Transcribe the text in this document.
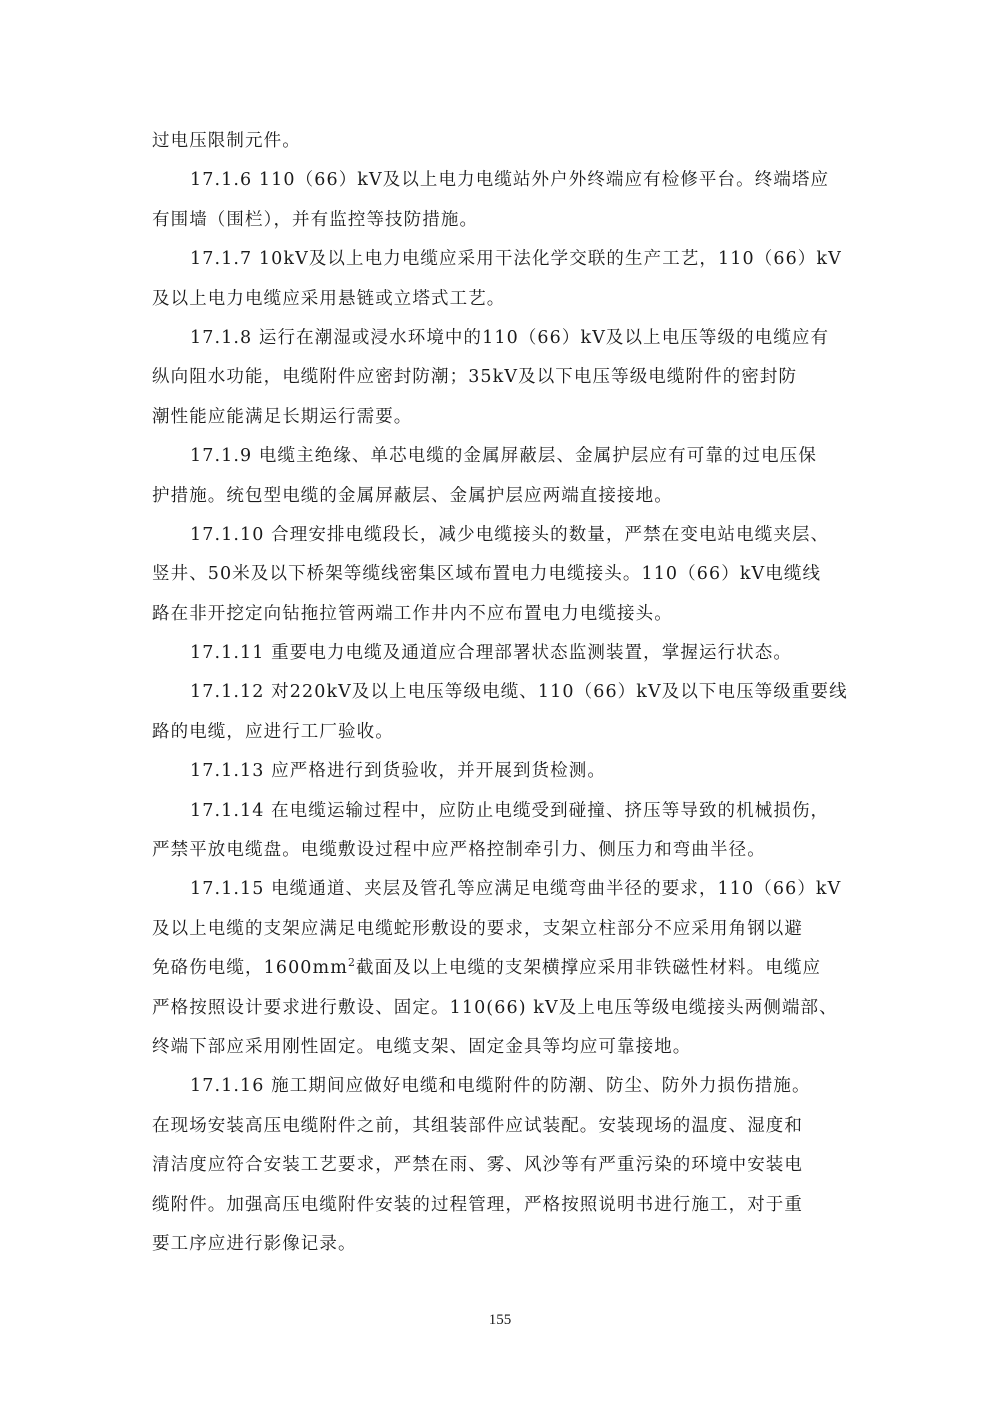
过电压限制元件。
17.1.6 110（66）kV及以上电力电缆站外户外终端应有检修平台。终端塔应
有围墙（围栏），并有监控等技防措施。
17.1.7 10kV及以上电力电缆应采用干法化学交联的生产工艺，110（66）kV
及以上电力电缆应采用悬链或立塔式工艺。
17.1.8 运行在潮湿或浸水环境中的110（66）kV及以上电压等级的电缆应有
纵向阻水功能，电缆附件应密封防潮；35kV及以下电压等级电缆附件的密封防
潮性能应能满足长期运行需要。
17.1.9 电缆主绝缘、单芯电缆的金属屏蔽层、金属护层应有可靠的过电压保
护措施。统包型电缆的金属屏蔽层、金属护层应两端直接接地。
17.1.10 合理安排电缆段长，减少电缆接头的数量，严禁在变电站电缆夹层、
竖井、50米及以下桥架等缆线密集区域布置电力电缆接头。110（66）kV电缆线
路在非开挖定向钻拖拉管两端工作井内不应布置电力电缆接头。
17.1.11 重要电力电缆及通道应合理部署状态监测装置，掌握运行状态。
17.1.12 对220kV及以上电压等级电缆、110（66）kV及以下电压等级重要线
路的电缆，应进行工厂验收。
17.1.13 应严格进行到货验收，并开展到货检测。
17.1.14 在电缆运输过程中，应防止电缆受到碰撞、挤压等导致的机械损伤，
严禁平放电缆盘。电缆敷设过程中应严格控制牵引力、侧压力和弯曲半径。
17.1.15 电缆通道、夹层及管孔等应满足电缆弯曲半径的要求，110（66）kV
及以上电缆的支架应满足电缆蛇形敷设的要求，支架立柱部分不应采用角钢以避
免硌伤电缆，$1600mm^2$截面及以上电缆的支架横撑应采用非铁磁性材料。电缆应
严格按照设计要求进行敷设、固定。110(66) kV及上电压等级电缆接头两侧端部、
终端下部应采用刚性固定。电缆支架、固定金具等均应可靠接地。
17.1.16 施工期间应做好电缆和电缆附件的防潮、防尘、防外力损伤措施。
在现场安装高压电缆附件之前，其组装部件应试装配。安装现场的温度、湿度和
清洁度应符合安装工艺要求，严禁在雨、雾、风沙等有严重污染的环境中安装电
缆附件。加强高压电缆附件安装的过程管理，严格按照说明书进行施工，对于重
要工序应进行影像记录。
155
